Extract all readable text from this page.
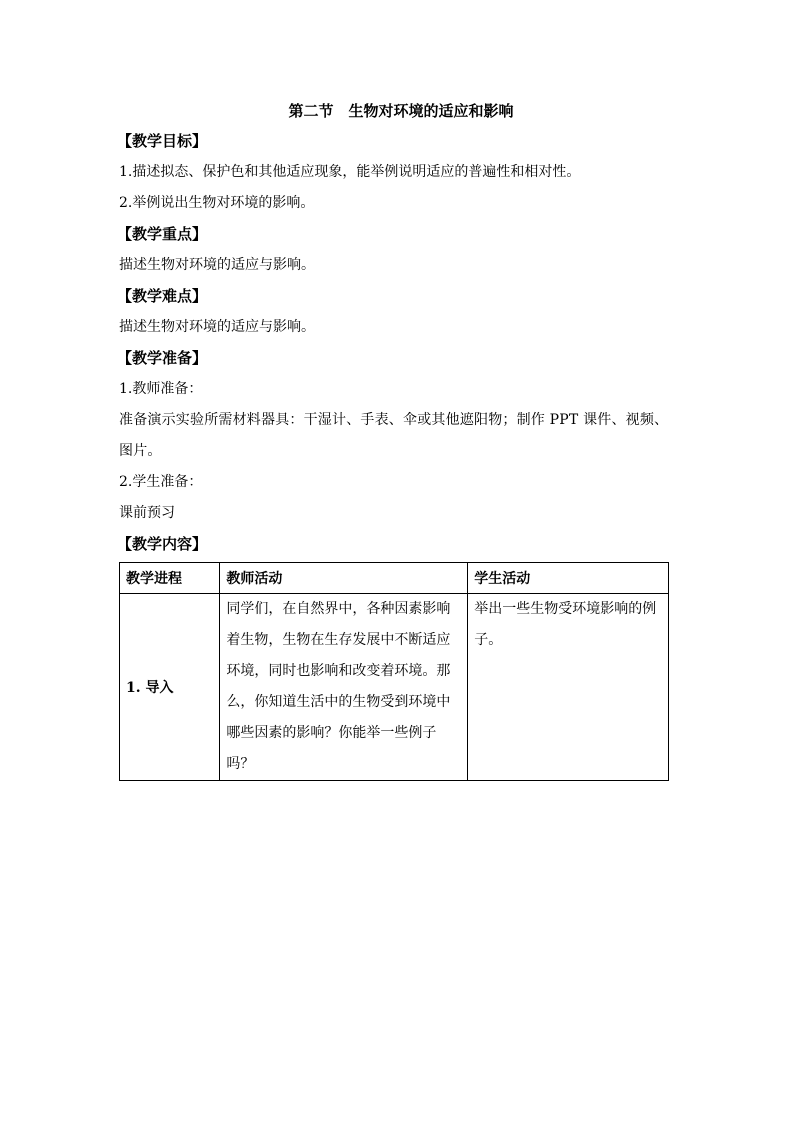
第二节　生物对环境的适应和影响

【教学目标】

1.描述拟态、保护色和其他适应现象，能举例说明适应的普遍性和相对性。

2.举例说出生物对环境的影响。

【教学重点】

描述生物对环境的适应与影响。

【教学难点】

描述生物对环境的适应与影响。

【教学准备】

1.教师准备：

准备演示实验所需材料器具：干湿计、手表、伞或其他遮阳物；制作 PPT 课件、视频、图片。

2.学生准备：

课前预习

【教学内容】

教学进程	教师活动	学生活动
1. 导入	同学们，在自然界中，各种因素影响着生物，生物在生存发展中不断适应环境，同时也影响和改变着环境。那么，你知道生活中的生物受到环境中哪些因素的影响？你能举一些例子吗？	举出一些生物受环境影响的例子。
